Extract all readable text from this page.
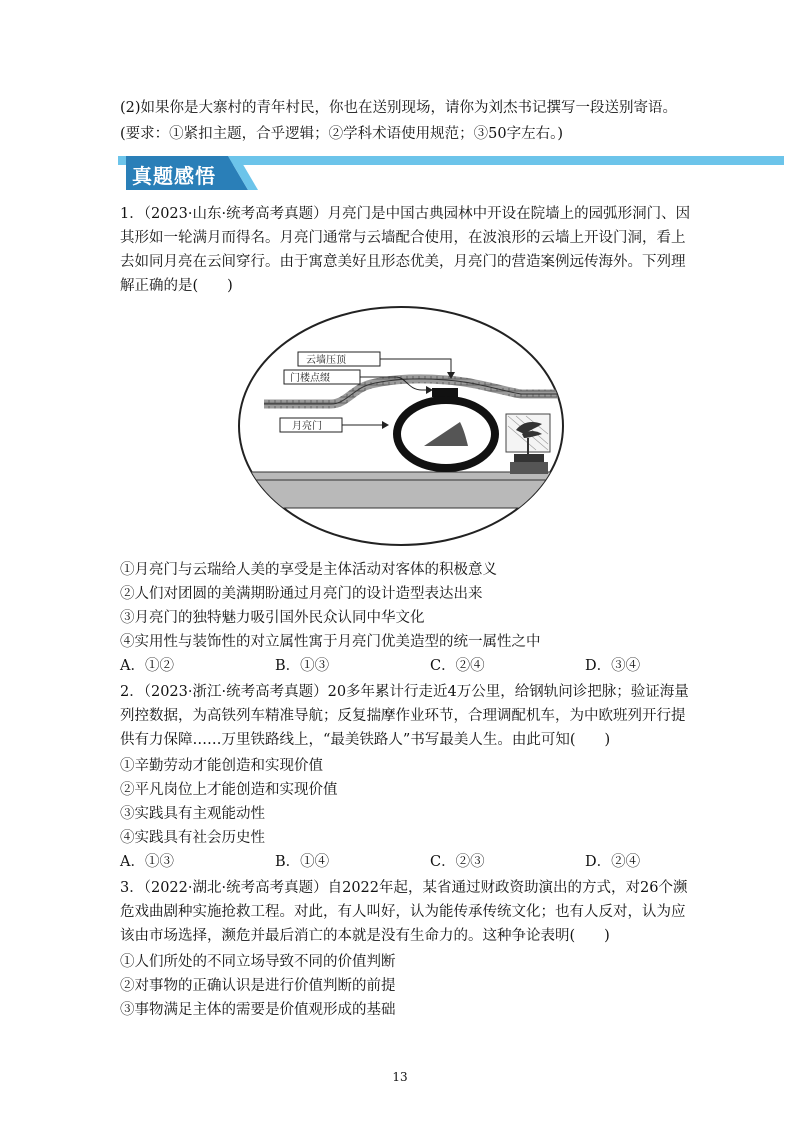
(2)如果你是大寨村的青年村民，你也在送别现场，请你为刘杰书记撰写一段送别寄语。
(要求：①紧扣主题，合乎逻辑；②学科术语使用规范；③50字左右。)
真题感悟
1．（2023·山东·统考高考真题）月亮门是中国古典园林中开设在院墙上的园弧形洞门、因
其形如一轮满月而得名。月亮门通常与云墙配合使用，在波浪形的云墙上开设门洞，看上
去如同月亮在云间穿行。由于寓意美好且形态优美，月亮门的营造案例远传海外。下列理
解正确的是(　　)
云墙压顶
门楼点缀
月亮门
①月亮门与云瑞给人美的享受是主体活动对客体的积极意义
②人们对团圆的美满期盼通过月亮门的设计造型表达出来
③月亮门的独特魅力吸引国外民众认同中华文化
④实用性与装饰性的对立属性寓于月亮门优美造型的统一属性之中
A．①②	B．①③	C．②④	D．③④
2．（2023·浙江·统考高考真题）20多年累计行走近4万公里，给钢轨问诊把脉；验证海量
列控数据，为高铁列车精准导航；反复揣摩作业环节，合理调配机车，为中欧班列开行提
供有力保障……万里铁路线上，“最美铁路人”书写最美人生。由此可知(　　)
①辛勤劳动才能创造和实现价值
②平凡岗位上才能创造和实现价值
③实践具有主观能动性
④实践具有社会历史性
A．①③	B．①④	C．②③	D．②④
3．（2022·湖北·统考高考真题）自2022年起，某省通过财政资助演出的方式，对26个濒
危戏曲剧种实施抢救工程。对此，有人叫好，认为能传承传统文化；也有人反对，认为应
该由市场选择，濒危并最后消亡的本就是没有生命力的。这种争论表明(　　)
①人们所处的不同立场导致不同的价值判断
②对事物的正确认识是进行价值判断的前提
③事物满足主体的需要是价值观形成的基础
13
